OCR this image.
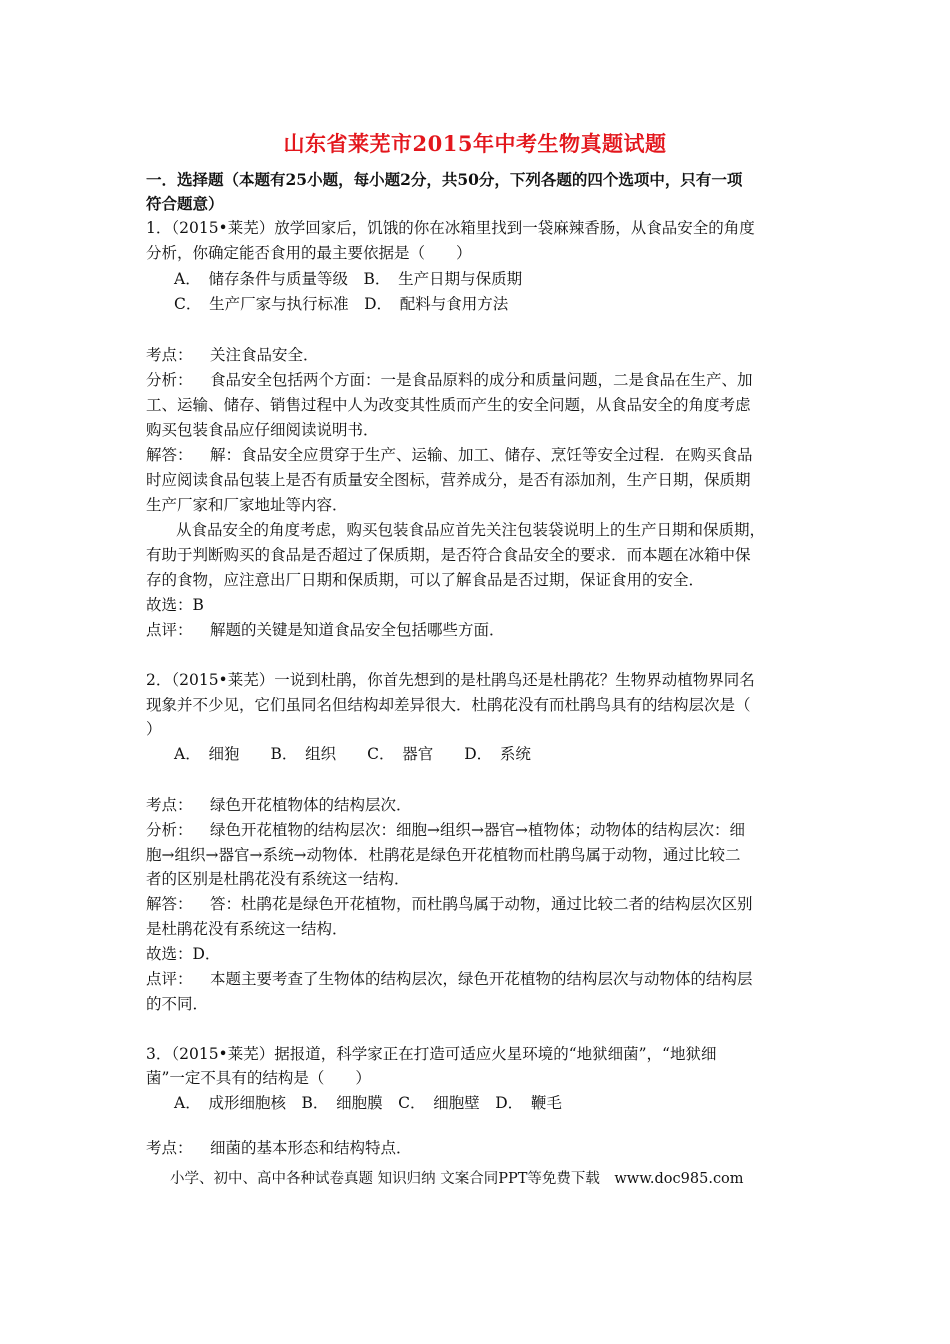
山东省莱芜市2015年中考生物真题试题
一．选择题（本题有25小题，每小题2分，共50分，下列各题的四个选项中，只有一项
符合题意）
1．（2015•莱芜）放学回家后，饥饿的你在冰箱里找到一袋麻辣香肠，从食品安全的角度
分析，你确定能否食用的最主要依据是（　　）
A．　储存条件与质量等级　B．　生产日期与保质期
C．　生产厂家与执行标准　D．　配料与食用方法
考点： 关注食品安全．
分析： 食品安全包括两个方面：一是食品原料的成分和质量问题，二是食品在生产、加
工、运输、储存、销售过程中人为改变其性质而产生的安全问题，从食品安全的角度考虑
购买包装食品应仔细阅读说明书．
解答： 解：食品安全应贯穿于生产、运输、加工、储存、烹饪等安全过程．在购买食品
时应阅读食品包装上是否有质量安全图标，营养成分，是否有添加剂，生产日期，保质期
生产厂家和厂家地址等内容．
从食品安全的角度考虑，购买包装食品应首先关注包装袋说明上的生产日期和保质期，
有助于判断购买的食品是否超过了保质期，是否符合食品安全的要求．而本题在冰箱中保
存的食物，应注意出厂日期和保质期，可以了解食品是否过期，保证食用的安全．
故选：B
点评： 解题的关键是知道食品安全包括哪些方面．
2．（2015•莱芜）一说到杜鹃，你首先想到的是杜鹃鸟还是杜鹃花？生物界动植物界同名
现象并不少见，它们虽同名但结构却差异很大．杜鹃花没有而杜鹃鸟具有的结构层次是（
）
A．　细狍　　B．　组织　　C．　器官　　D．　系统
考点： 绿色开花植物体的结构层次．
分析： 绿色开花植物的结构层次：细胞→组织→器官→植物体；动物体的结构层次：细
胞→组织→器官→系统→动物体．杜鹃花是绿色开花植物而杜鹃鸟属于动物，通过比较二
者的区别是杜鹃花没有系统这一结构．
解答： 答：杜鹃花是绿色开花植物，而杜鹃鸟属于动物，通过比较二者的结构层次区别
是杜鹃花没有系统这一结构．
故选：D．
点评： 本题主要考查了生物体的结构层次，绿色开花植物的结构层次与动物体的结构层
的不同．
3．（2015•莱芜）据报道，科学家正在打造可适应火星环境的“地狱细菌”，“地狱细
菌”一定不具有的结构是（　　）
A．　成形细胞核　B．　细胞膜　C．　细胞壁　D．　鞭毛
考点： 细菌的基本形态和结构特点．
小学、初中、高中各种试卷真题 知识归纳 文案合同PPT等免费下载　www.doc985.com
